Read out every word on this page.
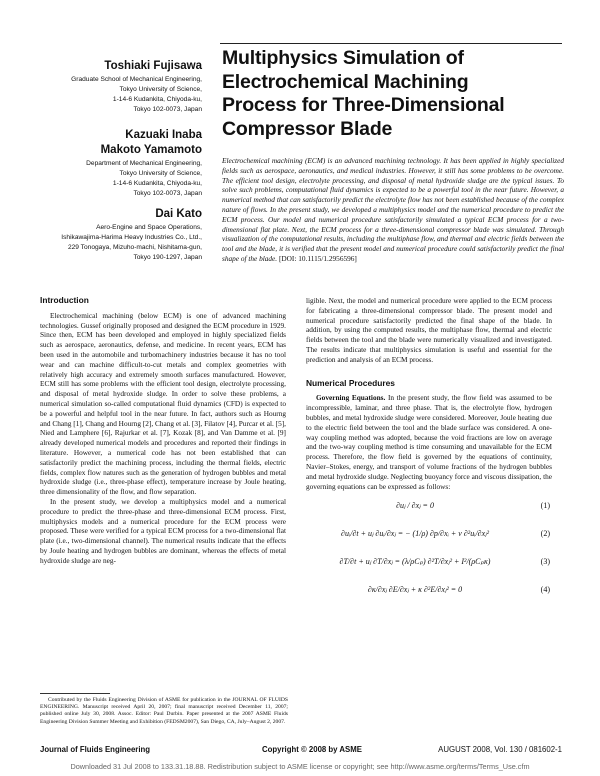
Toshiaki Fujisawa

Graduate School of Mechanical Engineering,
Tokyo University of Science,
1-14-6 Kudankita, Chiyoda-ku,
Tokyo 102-0073, Japan

Kazuaki Inaba

Makoto Yamamoto

Department of Mechanical Engineering,
Tokyo University of Science,
1-14-6 Kudankita, Chiyoda-ku,
Tokyo 102-0073, Japan

Dai Kato

Aero-Engine and Space Operations,
Ishikawajima-Harima Heavy Industries Co., Ltd.,
229 Tonogaya, Mizuho-machi, Nishitama-gun,
Tokyo 190-1297, Japan

Multiphysics Simulation of
Electrochemical Machining
Process for Three-Dimensional
Compressor Blade
Electrochemical machining (ECM) is an advanced machining technology. It has been applied in highly specialized fields such as aerospace, aeronautics, and medical industries. However, it still has some problems to be overcome. The efficient tool design, electrolyte processing, and disposal of metal hydroxide sludge are the typical issues. To solve such problems, computational fluid dynamics is expected to be a powerful tool in the near future. However, a numerical method that can satisfactorily predict the electrolyte flow has not been established because of the complex nature of flows. In the present study, we developed a multiphysics model and the numerical procedure to predict the ECM process. Our model and numerical procedure satisfactorily simulated a typical ECM process for a two-dimensional flat plate. Next, the ECM process for a three-dimensional compressor blade was simulated. Through visualization of the computational results, including the multiphase flow, and thermal and electric fields between the tool and the blade, it is verified that the present model and numerical procedure could satisfactorily predict the final shape of the blade. [DOI: 10.1115/1.2956596]

Introduction

Electrochemical machining (below ECM) is one of advanced machining technologies. Gussef originally proposed and designed the ECM procedure in 1929. Since then, ECM has been developed and employed in highly specialized fields such as aerospace, aeronautics, defense, and medicine. In recent years, ECM has been used in the automobile and turbomachinery industries because it has no tool wear and can machine difficult-to-cut metals and complex geometries with relatively high accuracy and extremely smooth surfaces manufactured. However, ECM still has some problems with the efficient tool design, electrolyte processing, and disposal of metal hydroxide sludge. In order to solve these problems, a numerical simulation so-called computational fluid dynamics (CFD) is expected to be a powerful and helpful tool in the near future. In fact, authors such as Hourng and Chang [1], Chang and Hourng [2], Chang et al. [3], Filatov [4], Purcar et al. [5], Nied and Lamphere [6], Rajurkar et al. [7], Kozak [8], and Van Damme et al. [9] already developed numerical models and procedures and reported their findings in literature. However, a numerical code has not been established that can satisfactorily predict the machining process, including the thermal fields, electric fields, complex flow natures such as the generation of hydrogen bubbles and metal hydroxide sludge (i.e., three-phase effect), temperature increase by Joule heating, three dimensionality of the flow, and flow separation.

In the present study, we develop a multiphysics model and a numerical procedure to predict the three-phase and three-dimensional ECM process. First, multiphysics models and a numerical procedure for the ECM process were proposed. These were verified for a typical ECM process for a two-dimensional flat plate (i.e., two-dimensional channel). The numerical results indicate that the effects by Joule heating and hydrogen bubbles are dominant, whereas the effects of metal hydroxide sludge are neg-

ligible. Next, the model and numerical procedure were applied to the ECM process for fabricating a three-dimensional compressor blade. The present model and numerical procedure satisfactorily predicted the final shape of the blade. In addition, by using the computed results, the multiphase flow, thermal and electric fields between the tool and the blade were numerically visualized and investigated. The results indicate that multiphysics simulation is useful and essential for the prediction and analysis of an ECM process.

Numerical Procedures

Governing Equations. In the present study, the flow field was assumed to be incompressible, laminar, and three phase. That is, the electrolyte flow, hydrogen bubbles, and metal hydroxide sludge were considered. Moreover, Joule heating due to the electric field between the tool and the blade surface was considered. A one-way coupling method was adopted, because the void fractions are low on average and the two-way coupling method is time consuming and unavailable for the ECM process. Therefore, the flow field is governed by the equations of continuity, Navier–Stokes, energy, and transport of volume fractions of the hydrogen bubbles and metal hydroxide sludge. Neglecting buoyancy force and viscous dissipation, the governing equations can be expressed as follows:

∂uⱼ / ∂xⱼ = 0	(1)
∂uᵢ/∂t + uⱼ ∂uᵢ/∂xⱼ = − (1/ρ) ∂p/∂xᵢ + ν ∂²uᵢ/∂xⱼ²	(2)
∂T/∂t + uⱼ ∂T/∂xⱼ = (λ/ρCₚ) ∂²T/∂xⱼ² + I²/(ρCₚκ)	(3)
∂κ/∂xⱼ ∂E/∂xⱼ + κ ∂²E/∂xⱼ² = 0	(4)

Contributed by the Fluids Engineering Division of ASME for publication in the JOURNAL OF FLUIDS ENGINEERING. Manuscript received April 20, 2007; final manuscript received December 11, 2007; published online July 30, 2008. Assoc. Editor: Paul Durbin. Paper presented at the 2007 ASME Fluids Engineering Division Summer Meeting and Exhibition (FEDSM2007), San Diego, CA, July–August 2, 2007.

Journal of Fluids Engineering	Copyright © 2008 by ASME	AUGUST 2008, Vol. 130 / 081602-1
Downloaded 31 Jul 2008 to 133.31.18.88. Redistribution subject to ASME license or copyright; see http://www.asme.org/terms/Terms_Use.cfm
